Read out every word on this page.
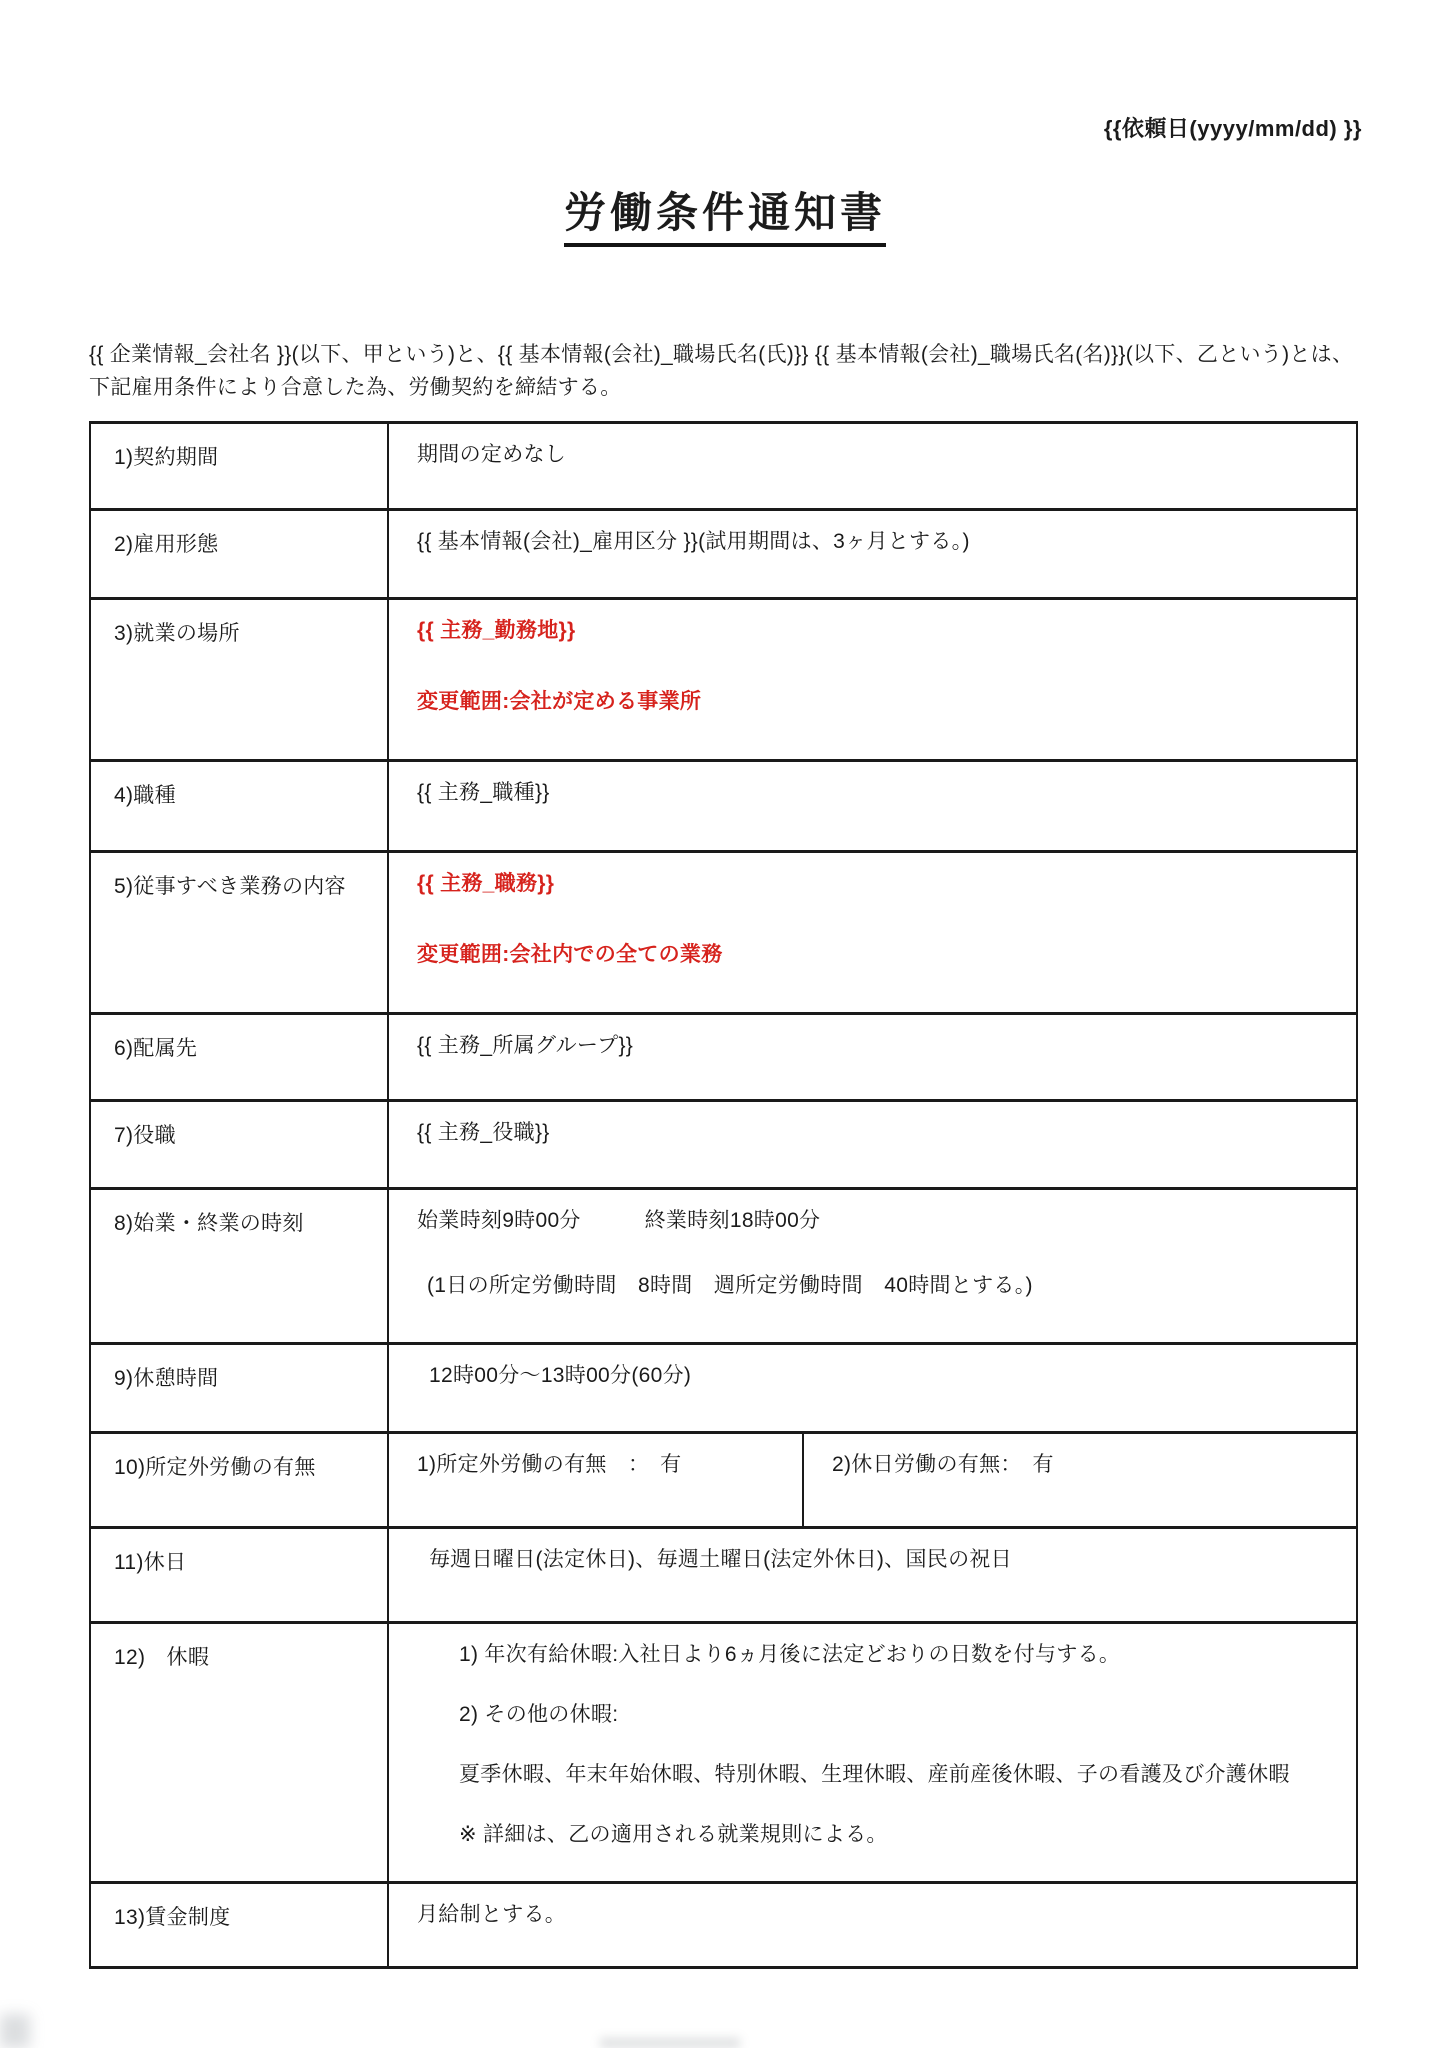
{{依頼日(yyyy/mm/dd) }}
労働条件通知書

{{ 企業情報_会社名 }}(以下、甲という)と、{{ 基本情報(会社)_職場氏名(氏)}} {{ 基本情報(会社)_職場氏名(名)}}(以下、乙という)とは、
下記雇用条件により合意した為、労働契約を締結する。

1)契約期間	期間の定めなし

2)雇用形態	{{ 基本情報(会社)_雇用区分 }}(試用期間は、3ヶ月とする。)

3)就業の場所	{{ 主務_勤務地}}

変更範囲:会社が定める事業所

4)職種	{{ 主務_職種}}

5)従事すべき業務の内容	{{ 主務_職務}}

変更範囲:会社内での全ての業務

6)配属先	{{ 主務_所属グループ}}

7)役職	{{ 主務_役職}}

8)始業・終業の時刻	始業時刻9時00分　　　終業時刻18時00分

(1日の所定労働時間　8時間　週所定労働時間　40時間とする。)

9)休憩時間	12時00分〜13時00分(60分)

10)所定外労働の有無	1)所定外労働の有無　：　有	2)休日労働の有無：　有

11)休日	毎週日曜日(法定休日)、毎週土曜日(法定外休日)、国民の祝日

12)　休暇	1) 年次有給休暇:入社日より6ヵ月後に法定どおりの日数を付与する。

2) その他の休暇:

夏季休暇、年末年始休暇、特別休暇、生理休暇、産前産後休暇、子の看護及び介護休暇

※ 詳細は、乙の適用される就業規則による。

13)賃金制度	月給制とする。
